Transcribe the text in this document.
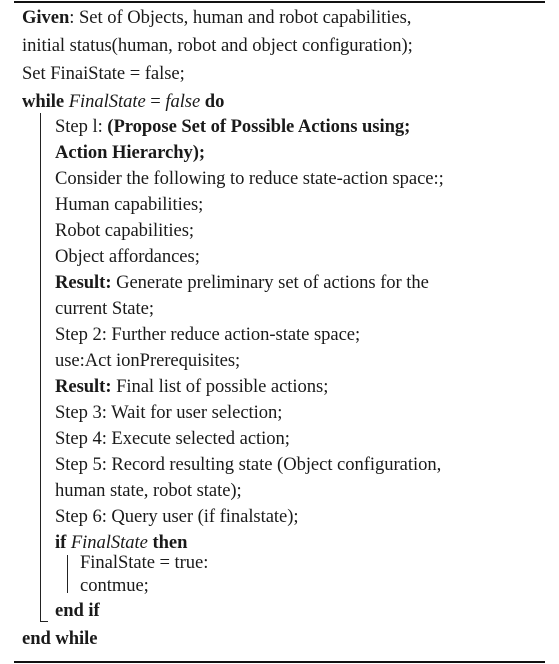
Given: Set of Objects, human and robot capabilities,
initial status(human, robot and object configuration);
Set FinaiState = false;
while FinalState = false do
Step l: (Propose Set of Possible Actions using;
Action Hierarchy);
Consider the following to reduce state-action space:;
Human capabilities;
Robot capabilities;
Object affordances;
Result: Generate preliminary set of actions for the
current State;
Step 2: Further reduce action-state space;
use:Act ionPrerequisites;
Result: Final list of possible actions;
Step 3: Wait for user selection;
Step 4: Execute selected action;
Step 5: Record resulting state (Object configuration,
human state, robot state);
Step 6: Query user (if finalstate);
if FinalState then
FinalState = true:
contmue;
end if
end while
